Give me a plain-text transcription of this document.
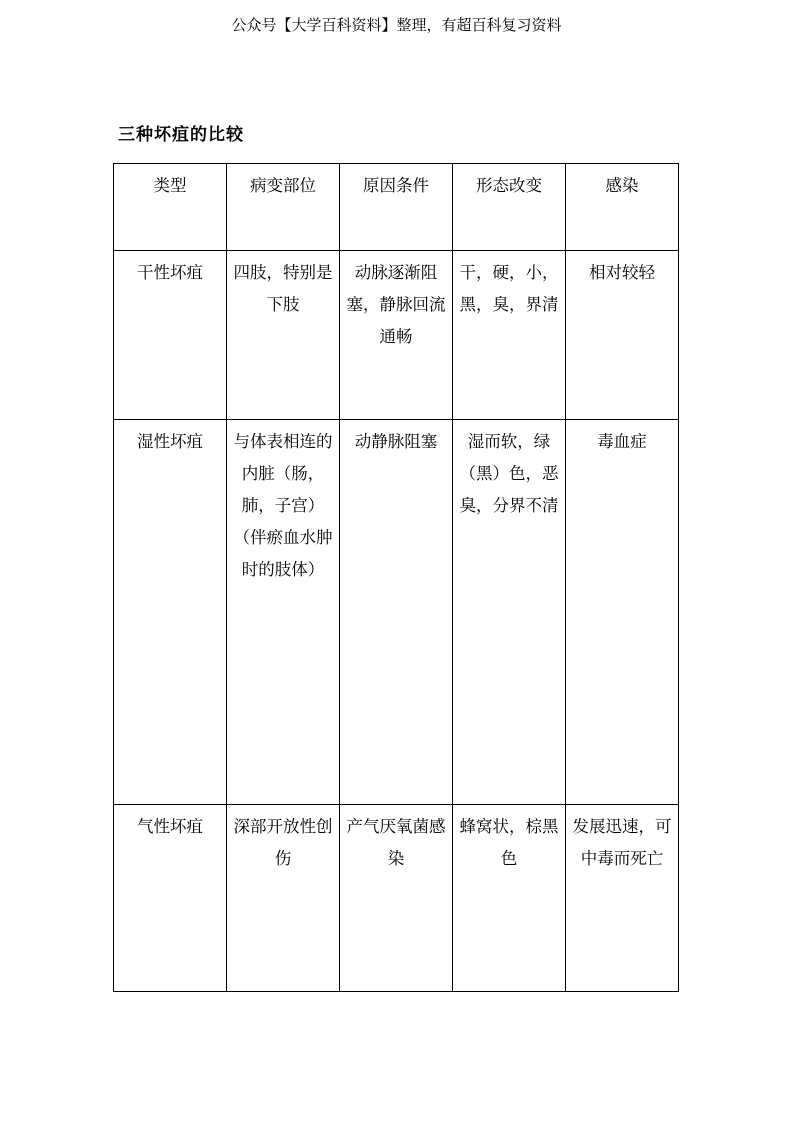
公众号【大学百科资料】整理，有超百科复习资料
三种坏疽的比较
类型	病变部位	原因条件	形态改变	感染

干性坏疽	四肢，特别是下肢	动脉逐渐阻塞，静脉回流通畅	干，硬，小，黑，臭，界清	相对较轻

湿性坏疽	与体表相连的内脏（肠，肺，子宫）（伴瘀血水肿时的肢体）	动静脉阻塞	湿而软，绿（黑）色，恶臭，分界不清	毒血症

气性坏疽	深部开放性创伤	产气厌氧菌感染	蜂窝状，棕黑色	发展迅速，可中毒而死亡
